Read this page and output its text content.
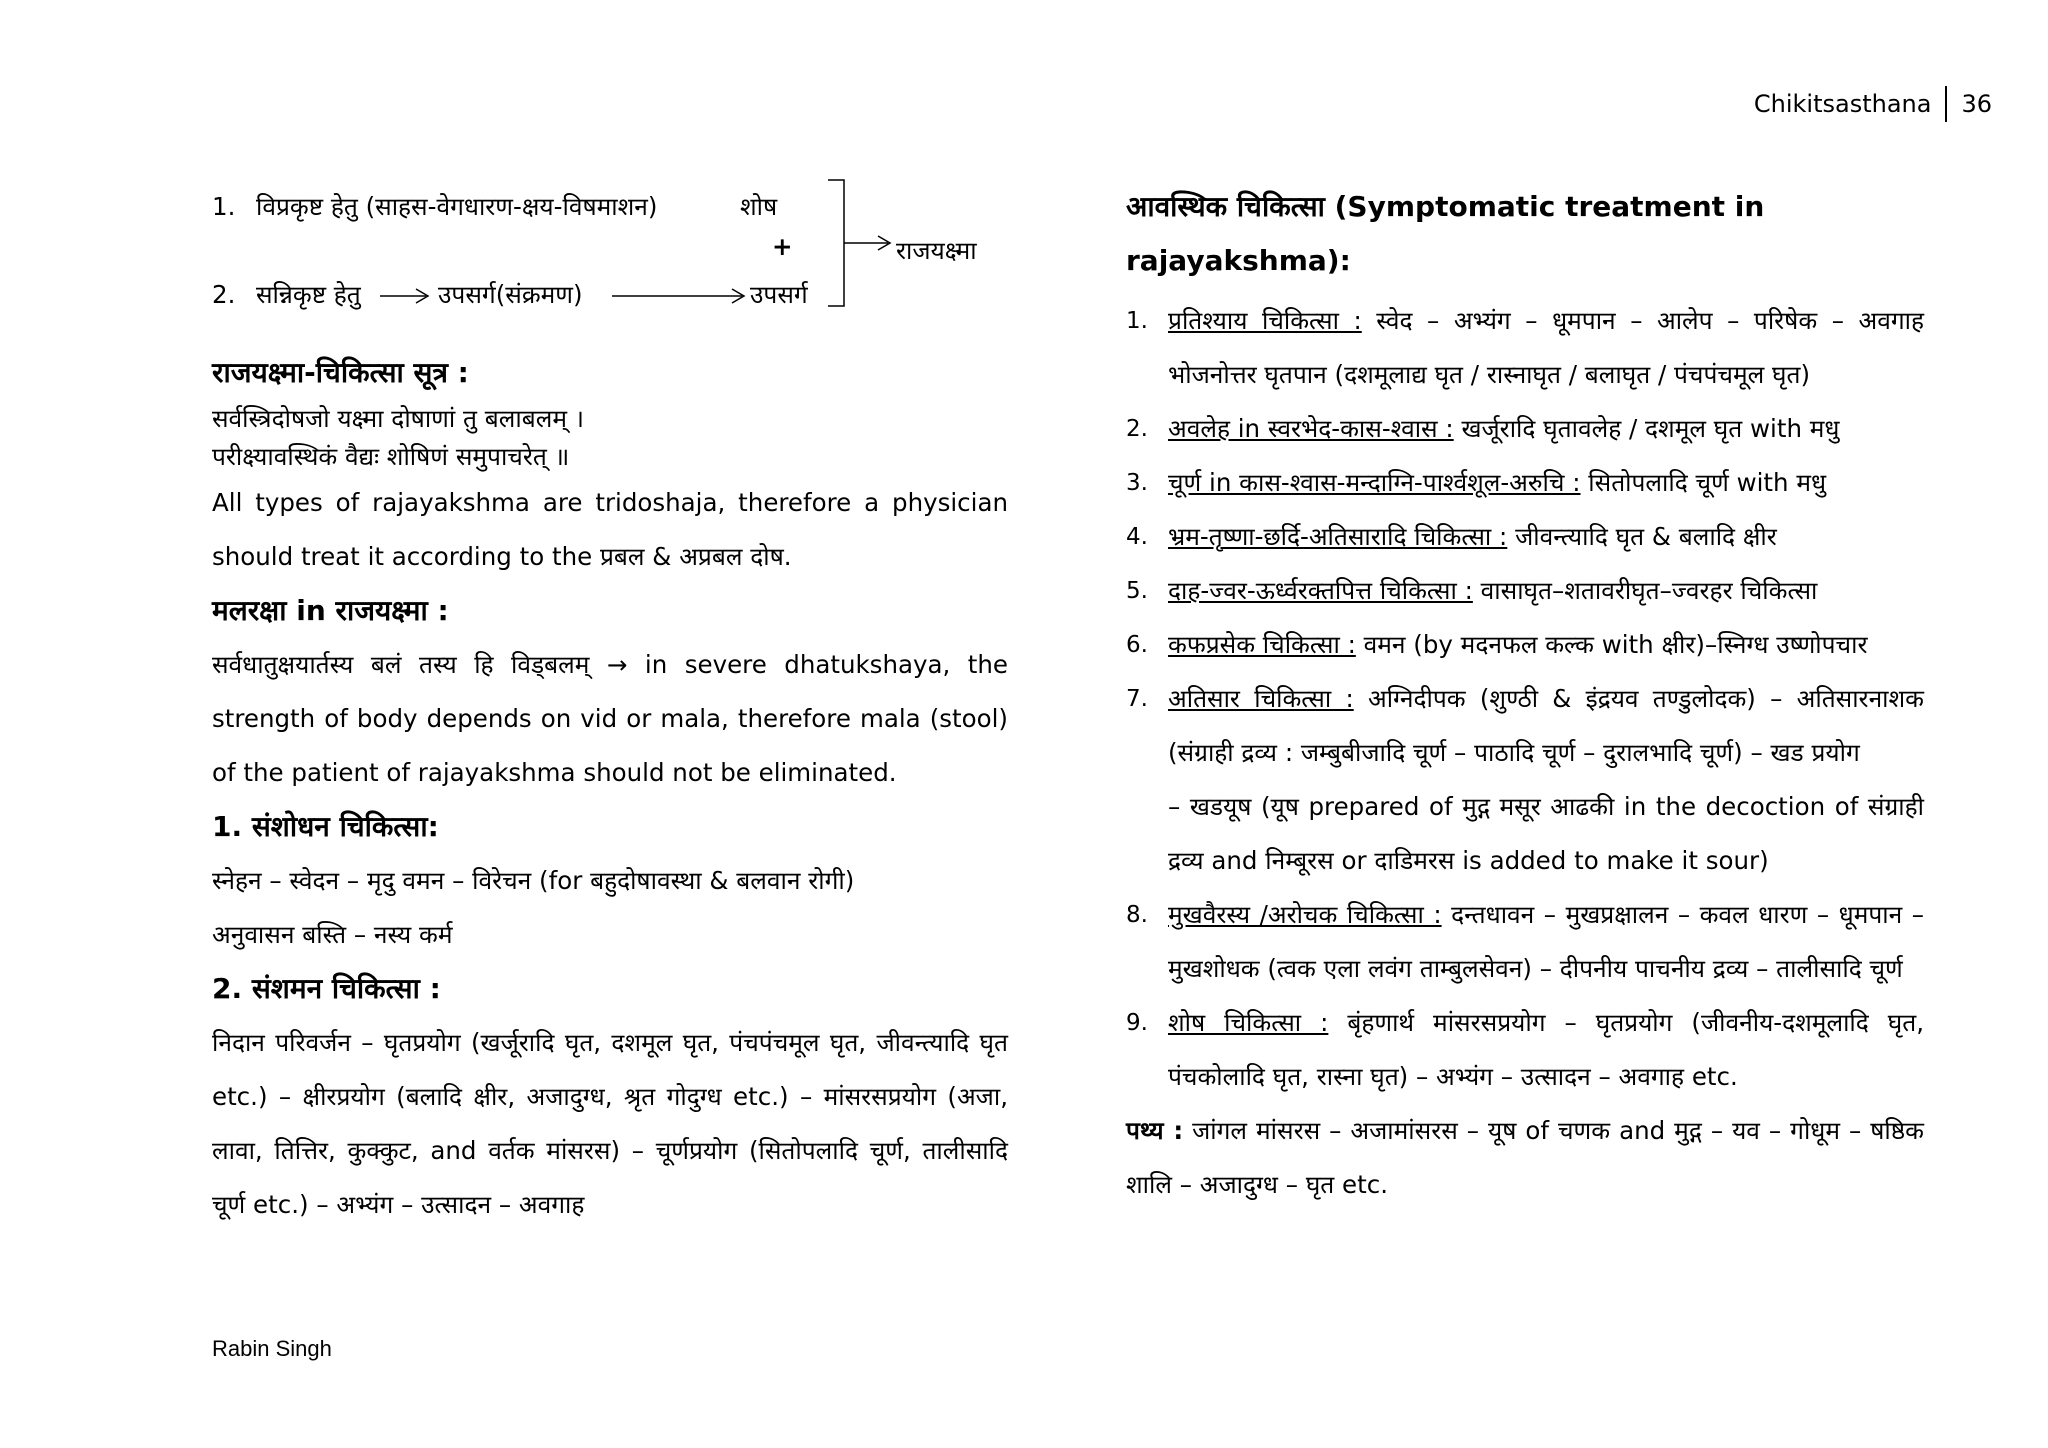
Chikitsasthana 36
1. विप्रकृष्ट हेतु (साहस-वेगधारण-क्षय-विषमाशन)	शोष
+
2. सन्निकृष्ट हेतु	उपसर्ग(संक्रमण)	उपसर्ग
राजयक्ष्मा
राजयक्ष्मा-चिकित्सा सूत्र :
सर्वस्त्रिदोषजो यक्ष्मा दोषाणां तु बलाबलम् ।
परीक्ष्यावस्थिकं वैद्यः शोषिणं समुपाचरेत् ॥
All types of rajayakshma are tridoshaja, therefore a physician should treat it according to the प्रबल & अप्रबल दोष.
मलरक्षा in राजयक्ष्मा :
सर्वधातुक्षयार्तस्य बलं तस्य हि विड्बलम् → in severe dhatukshaya, the strength of body depends on vid or mala, therefore mala (stool) of the patient of rajayakshma should not be eliminated.
1. संशोधन चिकित्सा:
स्नेहन – स्वेदन – मृदु वमन – विरेचन (for बहुदोषावस्था & बलवान रोगी)
अनुवासन बस्ति – नस्य कर्म
2. संशमन चिकित्सा :
निदान परिवर्जन – घृतप्रयोग (खर्जूरादि घृत, दशमूल घृत, पंचपंचमूल घृत, जीवन्त्यादि घृत etc.) – क्षीरप्रयोग (बलादि क्षीर, अजादुग्ध, श्रृत गोदुग्ध etc.) – मांसरसप्रयोग (अजा, लावा, तित्तिर, कुक्कुट, and वर्तक मांसरस) – चूर्णप्रयोग (सितोपलादि चूर्ण, तालीसादि चूर्ण etc.) – अभ्यंग – उत्सादन – अवगाह
आवस्थिक चिकित्सा (Symptomatic treatment in rajayakshma):
1. प्रतिश्याय चिकित्सा : स्वेद – अभ्यंग – धूमपान – आलेप – परिषेक – अवगाह भोजनोत्तर घृतपान (दशमूलाद्य घृत / रास्नाघृत / बलाघृत / पंचपंचमूल घृत)
2. अवलेह in स्वरभेद-कास-श्वास : खर्जूरादि घृतावलेह / दशमूल घृत with मधु
3. चूर्ण in कास-श्वास-मन्दाग्नि-पार्श्वशूल-अरुचि : सितोपलादि चूर्ण with मधु
4. भ्रम-तृष्णा-छर्दि-अतिसारादि चिकित्सा : जीवन्त्यादि घृत & बलादि क्षीर
5. दाह-ज्वर-ऊर्ध्वरक्तपित्त चिकित्सा : वासाघृत–शतावरीघृत–ज्वरहर चिकित्सा
6. कफप्रसेक चिकित्सा : वमन (by मदनफल कल्क with क्षीर)–स्निग्ध उष्णोपचार
7. अतिसार चिकित्सा : अग्निदीपक (शुण्ठी & इंद्रयव तण्डुलोदक) – अतिसारनाशक (संग्राही द्रव्य : जम्बुबीजादि चूर्ण – पाठादि चूर्ण – दुरालभादि चूर्ण) – खड प्रयोग
– खडयूष (यूष prepared of मुद्ग मसूर आढकी in the decoction of संग्राही द्रव्य and निम्बूरस or दाडिमरस is added to make it sour)
8. मुखवैरस्य /अरोचक चिकित्सा : दन्तधावन – मुखप्रक्षालन – कवल धारण – धूमपान – मुखशोधक (त्वक एला लवंग ताम्बुलसेवन) – दीपनीय पाचनीय द्रव्य – तालीसादि चूर्ण
9. शोष चिकित्सा : बृंहणार्थ मांसरसप्रयोग – घृतप्रयोग (जीवनीय-दशमूलादि घृत, पंचकोलादि घृत, रास्ना घृत) – अभ्यंग – उत्सादन – अवगाह etc.
पथ्य : जांगल मांसरस – अजामांसरस – यूष of चणक and मुद्ग – यव – गोधूम – षष्ठिक शालि – अजादुग्ध – घृत etc.
Rabin Singh
